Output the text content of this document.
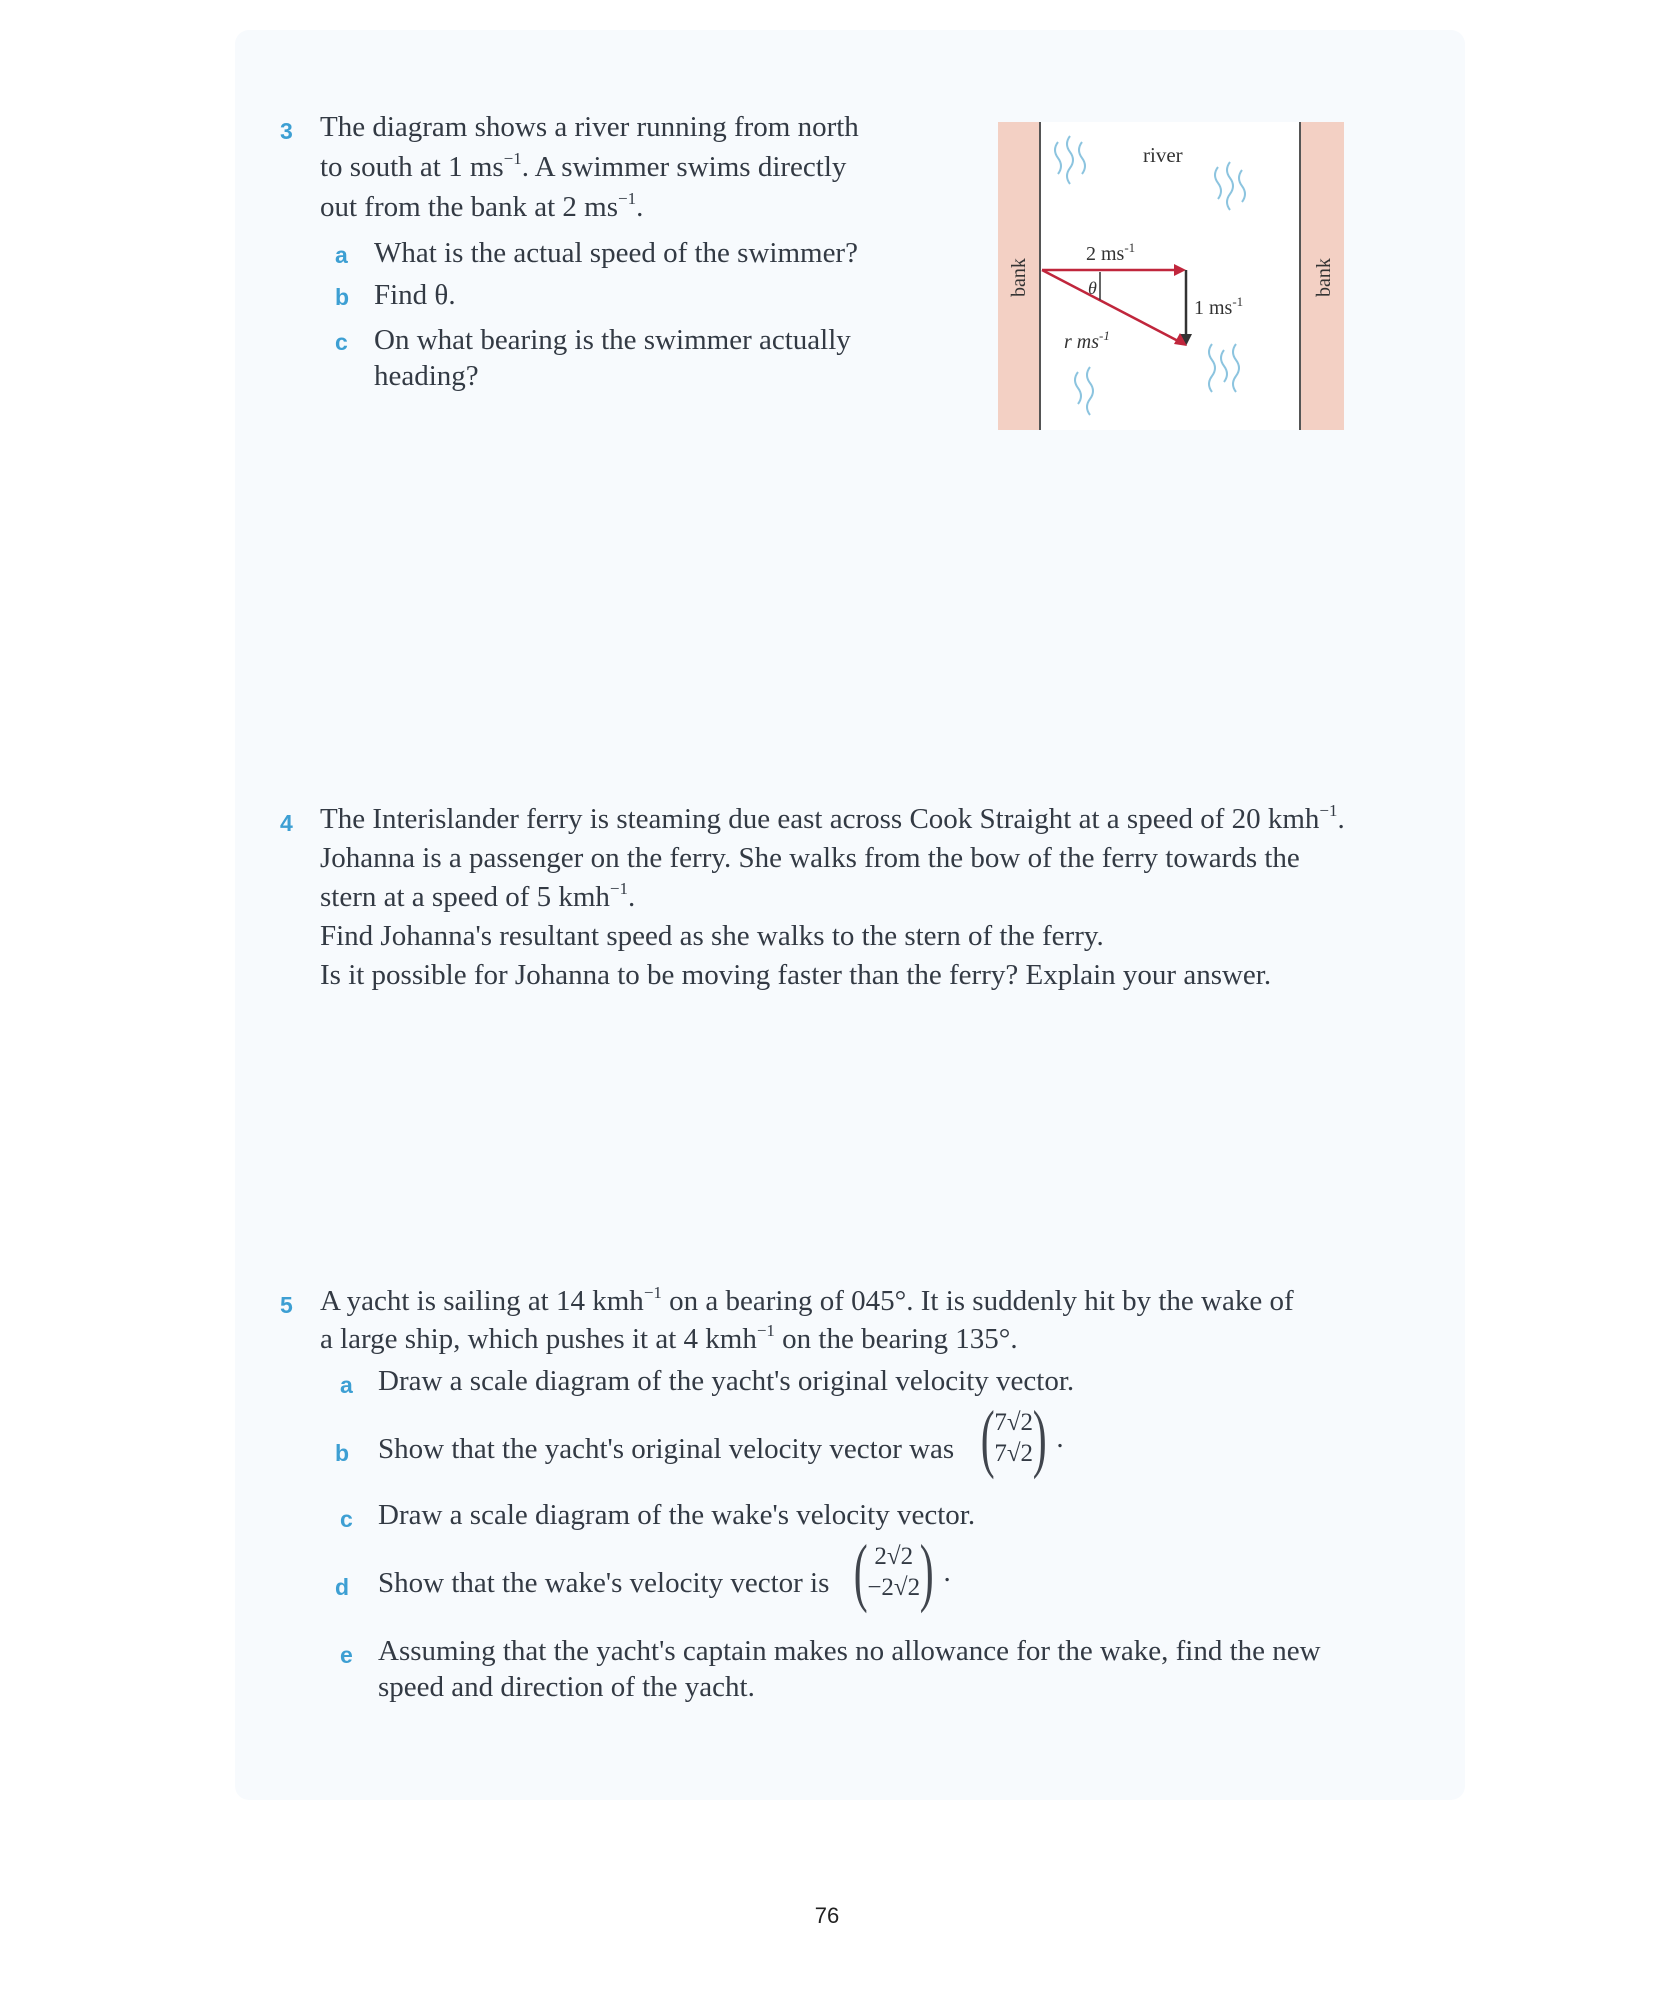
3 The diagram shows a river running from north
to south at 1 $ms^{-1}$. A swimmer swims directly
out from the bank at 2 $ms^{-1}$.
a What is the actual speed of the swimmer?
b Find θ.
c On what bearing is the swimmer actually
heading?
bank	bank
river
2 $ms^{-1}$
1 $ms^{-1}$
r $ms^{-1}$
θ
4 The Interislander ferry is steaming due east across Cook Straight at a speed of 20 kmh$^{-1}$.
Johanna is a passenger on the ferry. She walks from the bow of the ferry towards the
stern at a speed of 5 kmh$^{-1}$.
Find Johanna's resultant speed as she walks to the stern of the ferry.
Is it possible for Johanna to be moving faster than the ferry? Explain your answer.
5 A yacht is sailing at 14 kmh$^{-1}$ on a bearing of 045°. It is suddenly hit by the wake of
a large ship, which pushes it at 4 kmh$^{-1}$ on the bearing 135°.
a Draw a scale diagram of the yacht's original velocity vector.
b Show that the yacht's original velocity vector was ( 7√2
7√2 ) .
c Draw a scale diagram of the wake's velocity vector.
d Show that the wake's velocity vector is ( 2√2
−2√2 ) .
e Assuming that the yacht's captain makes no allowance for the wake, find the new
speed and direction of the yacht.
76
